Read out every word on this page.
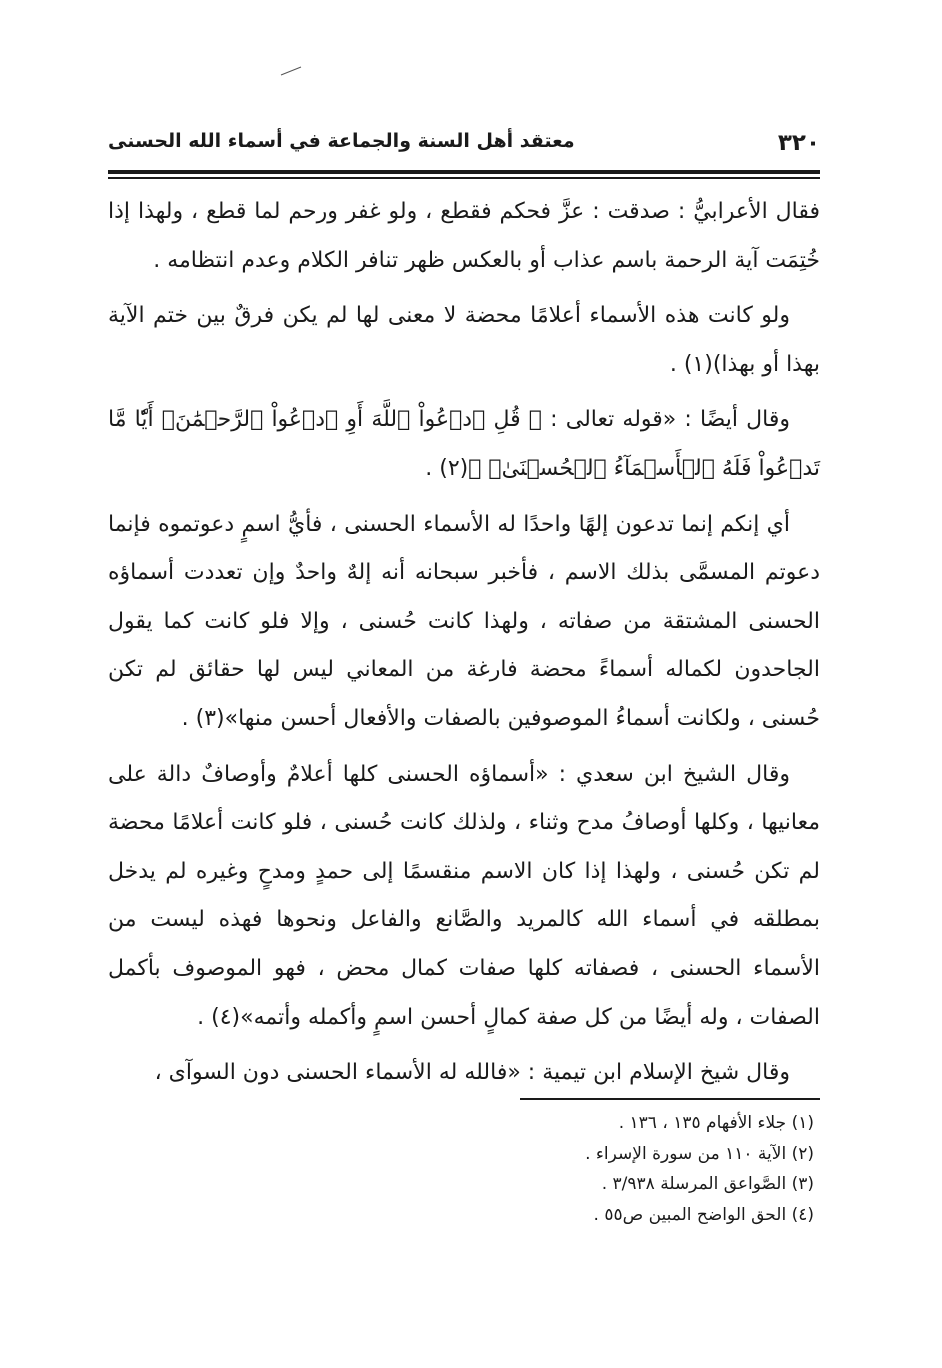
٣٢٠
معتقد أهل السنة والجماعة في أسماء الله الحسنى

فقال الأعرابيُّ : صدقت : عزَّ فحكم فقطع ، ولو غفر ورحم لما قطع ، ولهذا إذا خُتِمَت آية الرحمة باسم عذاب أو بالعكس ظهر تنافر الكلام وعدم انتظامه .

ولو كانت هذه الأسماء أعلامًا محضة لا معنى لها لم يكن فرقٌ بين ختم الآية بهذا أو بهذا)(١) .

وقال أيضًا : «قوله تعالى : ﴿ قُلِ ٱدۡعُواْ ٱللَّهَ أَوِ ٱدۡعُواْ ٱلرَّحۡمَٰنَۖ أَيّٗا مَّا تَدۡعُواْ فَلَهُ ٱلۡأَسۡمَآءُ ٱلۡحُسۡنَىٰۚ ﴾(٢) .

أي إنكم إنما تدعون إلهًا واحدًا له الأسماء الحسنى ، فأيُّ اسمٍ دعوتموه فإنما دعوتم المسمَّى بذلك الاسم ، فأخبر سبحانه أنه إلهٌ واحدٌ وإن تعددت أسماؤه الحسنى المشتقة من صفاته ، ولهذا كانت حُسنى ، وإلا فلو كانت كما يقول الجاحدون لكماله أسماءً محضة فارغة من المعاني ليس لها حقائق لم تكن حُسنى ، ولكانت أسماءُ الموصوفين بالصفات والأفعال أحسن منها»(٣) .

وقال الشيخ ابن سعدي : «أسماؤه الحسنى كلها أعلامٌ وأوصافٌ دالة على معانيها ، وكلها أوصافُ مدح وثناء ، ولذلك كانت حُسنى ، فلو كانت أعلامًا محضة لم تكن حُسنى ، ولهذا إذا كان الاسم منقسمًا إلى حمدٍ ومدحٍ وغيره لم يدخل بمطلقه في أسماء الله كالمريد والصَّانع والفاعل ونحوها فهذه ليست من الأسماء الحسنى ، فصفاته كلها صفات كمال محض ، فهو الموصوف بأكمل الصفات ، وله أيضًا من كل صفة كمالٍ أحسن اسمٍ وأكمله وأتمه»(٤) .

وقال شيخ الإسلام ابن تيمية : «فالله له الأسماء الحسنى دون السوآى ،

(١) جلاء الأفهام ١٣٥ ، ١٣٦ .
(٢) الآية ١١٠ من سورة الإسراء .
(٣) الصَّواعق المرسلة ٣/٩٣٨ .
(٤) الحق الواضح المبين ص٥٥ .
